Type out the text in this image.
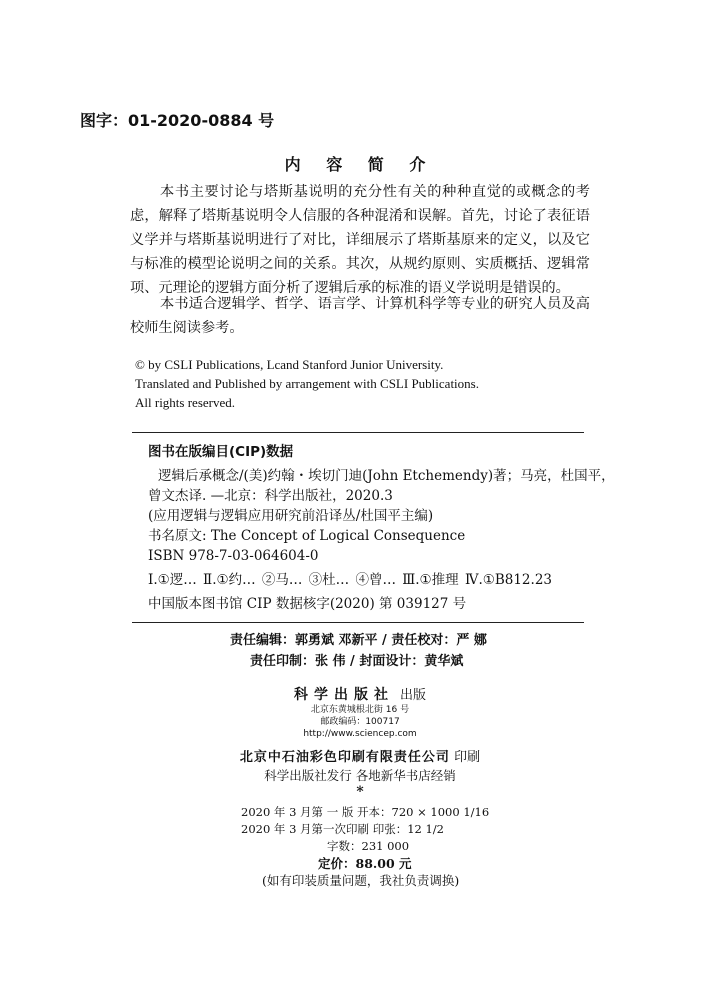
图字：01-2020-0884 号
内 容 简 介

本书主要讨论与塔斯基说明的充分性有关的种种直觉的或概念的考虑，解释了塔斯基说明令人信服的各种混淆和误解。首先，讨论了表征语义学并与塔斯基说明进行了对比，详细展示了塔斯基原来的定义，以及它与标准的模型论说明之间的关系。其次，从规约原则、实质概括、逻辑常项、元理论的逻辑方面分析了逻辑后承的标准的语义学说明是错误的。

本书适合逻辑学、哲学、语言学、计算机科学等专业的研究人员及高校师生阅读参考。

© by CSLI Publications, Lcand Stanford Junior University.
Translated and Published by arrangement with CSLI Publications.
All rights reserved.
图书在版编目(CIP)数据
逻辑后承概念/(美)约翰・埃切门迪(John Etchemendy)著；马亮，杜国平，
曾文杰译. —北京：科学出版社，2020.3
(应用逻辑与逻辑应用研究前沿译丛/杜国平主编)
书名原文: The Concept of Logical Consequence
ISBN 978-7-03-064604-0
Ⅰ.①逻… Ⅱ.①约… ②马… ③杜… ④曾… Ⅲ.①推理 Ⅳ.①B812.23
中国版本图书馆 CIP 数据核字(2020) 第 039127 号
责任编辑：郭勇斌 邓新平 / 责任校对：严 娜
责任印制：张 伟 / 封面设计：黄华斌
科学出版社 出版
北京东黄城根北街 16 号
邮政编码：100717
http://www.sciencep.com
北京中石油彩色印刷有限责任公司 印刷
科学出版社发行 各地新华书店经销
*
2020 年 3 月第 一 版 开本：720 × 1000 1/16
2020 年 3 月第一次印刷 印张：12 1/2
字数：231 000
定价：88.00 元
(如有印装质量问题，我社负责调换)
